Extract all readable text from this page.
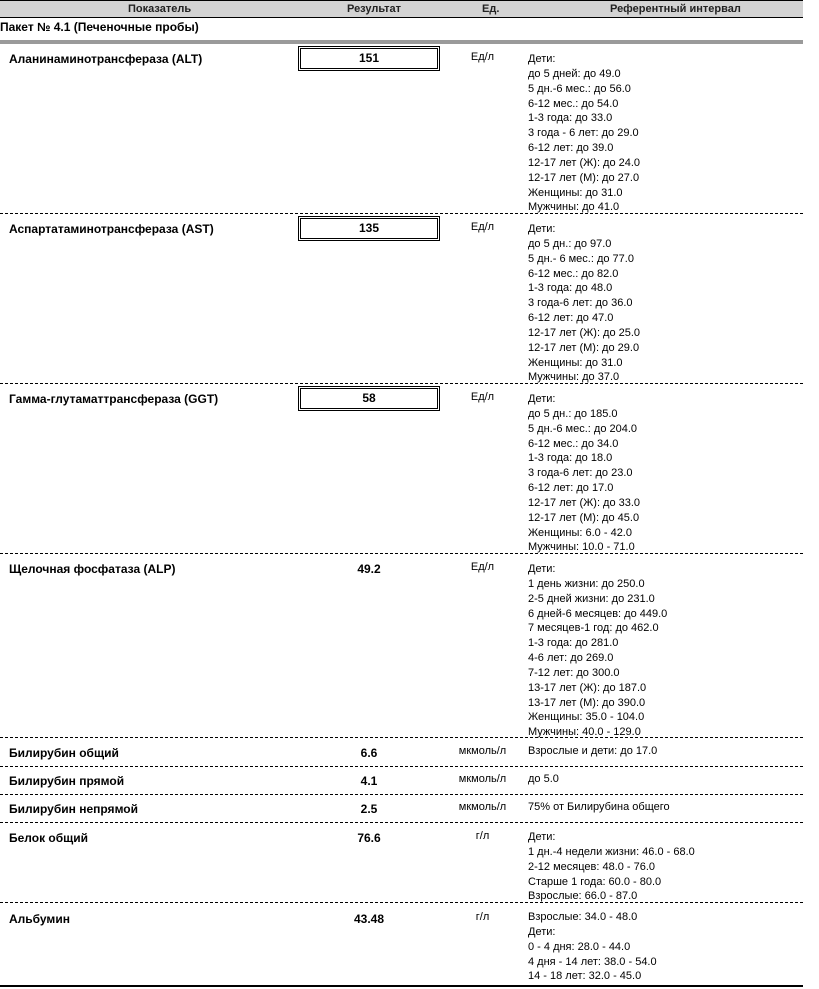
Показатель	Результат	Ед.	Референтный интервал
Пакет № 4.1 (Печеночные пробы)
Аланинаминотрансфераза (ALT)	151	Ед/л	Дети:
до 5 дней: до 49.0
5 дн.-6 мес.: до 56.0
6-12 мес.: до 54.0
1-3 года: до 33.0
3 года - 6 лет: до 29.0
6-12 лет: до 39.0
12-17 лет (Ж): до 24.0
12-17 лет (М): до 27.0
Женщины: до 31.0
Мужчины: до 41.0
Аспартатаминотрансфераза (AST)	135	Ед/л	Дети:
до 5 дн.: до 97.0
5 дн.- 6 мес.: до 77.0
6-12 мес.: до 82.0
1-3 года: до 48.0
3 года-6 лет: до 36.0
6-12 лет: до 47.0
12-17 лет (Ж): до 25.0
12-17 лет (М): до 29.0
Женщины: до 31.0
Мужчины: до 37.0
Гамма-глутаматтрансфераза (GGT)	58	Ед/л	Дети:
до 5 дн.: до 185.0
5 дн.-6 мес.: до 204.0
6-12 мес.: до 34.0
1-3 года: до 18.0
3 года-6 лет: до 23.0
6-12 лет: до 17.0
12-17 лет (Ж): до 33.0
12-17 лет (М): до 45.0
Женщины: 6.0 - 42.0
Мужчины: 10.0 - 71.0
Щелочная фосфатаза (ALP)	49.2	Ед/л	Дети:
1 день жизни: до 250.0
2-5 дней жизни: до 231.0
6 дней-6 месяцев: до 449.0
7 месяцев-1 год: до 462.0
1-3 года: до 281.0
4-6 лет: до 269.0
7-12 лет: до 300.0
13-17 лет (Ж): до 187.0
13-17 лет (М): до 390.0
Женщины: 35.0 - 104.0
Мужчины: 40.0 - 129.0
Билирубин общий	6.6	мкмоль/л	Взрослые и дети: до 17.0
Билирубин прямой	4.1	мкмоль/л	до 5.0
Билирубин непрямой	2.5	мкмоль/л	75% от Билирубина общего
Белок общий	76.6	г/л	Дети:
1 дн.-4 недели жизни: 46.0 - 68.0
2-12 месяцев: 48.0 - 76.0
Старше 1 года: 60.0 - 80.0
Взрослые: 66.0 - 87.0
Альбумин	43.48	г/л	Взрослые: 34.0 - 48.0
Дети:
0 - 4 дня: 28.0 - 44.0
4 дня - 14 лет: 38.0 - 54.0
14 - 18 лет: 32.0 - 45.0
